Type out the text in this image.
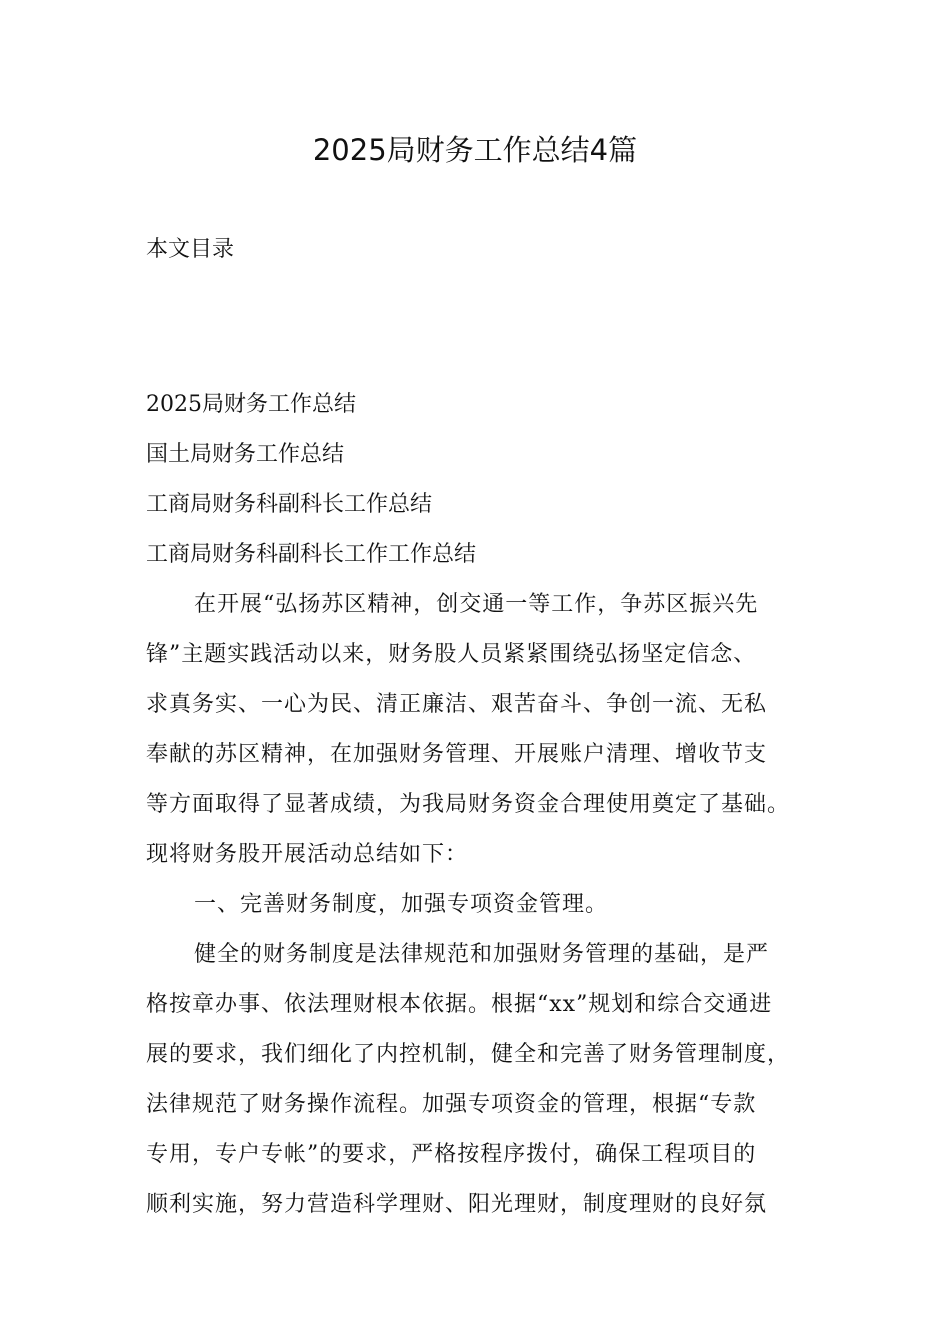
2025局财务工作总结4篇
本文目录
2025局财务工作总结
国土局财务工作总结
工商局财务科副科长工作总结
工商局财务科副科长工作工作总结
在开展“弘扬苏区精神，创交通一等工作，争苏区振兴先
锋”主题实践活动以来，财务股人员紧紧围绕弘扬坚定信念、
求真务实、一心为民、清正廉洁、艰苦奋斗、争创一流、无私
奉献的苏区精神，在加强财务管理、开展账户清理、增收节支
等方面取得了显著成绩，为我局财务资金合理使用奠定了基础。
现将财务股开展活动总结如下：
一、完善财务制度，加强专项资金管理。
健全的财务制度是法律规范和加强财务管理的基础，是严
格按章办事、依法理财根本依据。根据“xx”规划和综合交通进
展的要求，我们细化了内控机制，健全和完善了财务管理制度，
法律规范了财务操作流程。加强专项资金的管理，根据“专款
专用，专户专帐”的要求，严格按程序拨付，确保工程项目的
顺利实施，努力营造科学理财、阳光理财，制度理财的良好氛
